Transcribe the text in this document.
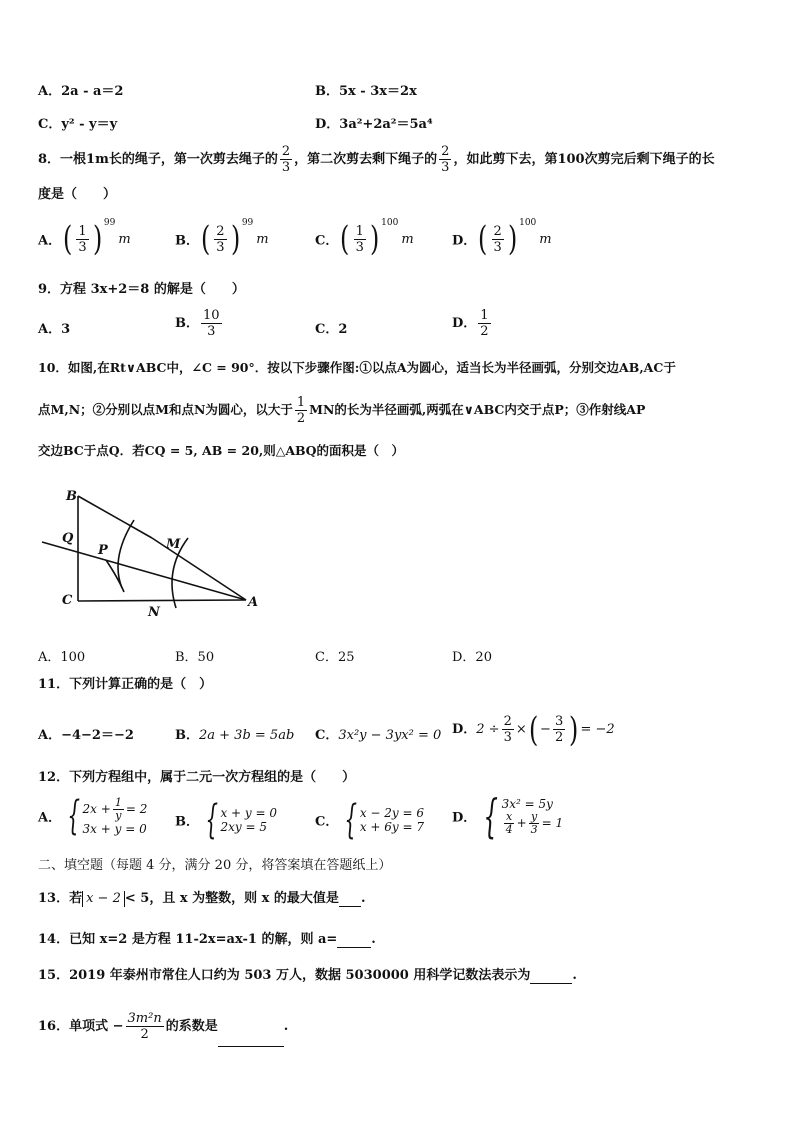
A．2a - a＝2	B．5x - 3x＝2x
C．y² - y＝y	D．3a²+2a²＝5a⁴
8．一根1m长的绳子，第一次剪去绳子的 $\frac{2}{3}$ ，第二次剪去剩下绳子的 $\frac{2}{3}$ ，如此剪下去，第100次剪完后剩下绳子的长
度是（　　）
A．( $\frac{1}{3}$ ) $^{99}$m	B．( $\frac{2}{3}$ ) $^{99}$m	C．( $\frac{1}{3}$ ) $^{100}$m	D．( $\frac{2}{3}$ ) $^{100}$m
9．方程 3x+2＝8 的解是（　　）
A．3	B． $\frac{10}{3}$	C．2	D． $\frac{1}{2}$
10．如图,在Rt∨ABC中，∠C = 90°．按以下步骤作图:①以点A为圆心，适当长为半径画弧，分别交边AB,AC于
点M,N；②分别以点M和点N为圆心，以大于 $\frac{1}{2}$ MN的长为半径画弧,两弧在∨ABC内交于点P；③作射线AP
交边BC于点Q．若CQ = 5, AB = 20,则△ABQ的面积是（　）
B
Q
P	M
C
N
A
A．100	B．50	C．25	D．20
11．下列计算正确的是（　）
A．−4−2＝−2	B．2a + 3b = 5ab C．3x²y − 3yx² = 0 D．$2 \div \frac{2}{3}$ ×( − $\frac{3}{2}$ ) = −2
12．下列方程组中，属于二元一次方程组的是（　　）
A． { $2x + \frac{1}{y} = 2$
3x + y = 0 B． { x + y = 0
2xy = 5	C． { x − 2y = 6
x + 6y = 7
D． { 3x² = 5y
$\frac{x}{4} + \frac{y}{3} = 1$
二、填空题（每题 4 分，满分 20 分，将答案填在答题纸上）
13．若 x − 2 < 5，且 x 为整数，则 x 的最大值是 .
14．已知 x=2 是方程 11-2x=ax-1 的解，则 a=	.
15．2019 年泰州市常住人口约为 503 万人，数据 5030000 用科学记数法表示为	.
16．单项式 − $\frac{\text{3m²n}}{2}$ 的系数是	.
